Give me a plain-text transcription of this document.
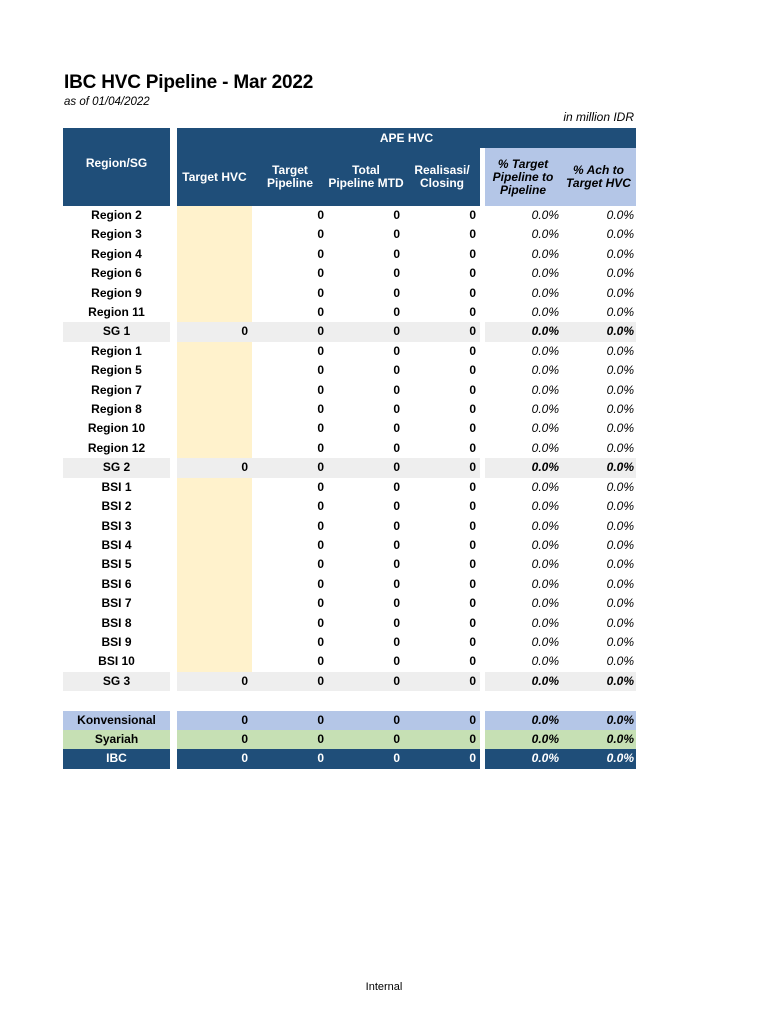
IBC HVC Pipeline - Mar 2022
as of 01/04/2022
in million IDR
Region/SG		APE HVC						
		Target HVC	Target Pipeline	Total Pipeline MTD	Realisasi/ Closing		% Target Pipeline to Pipeline	% Ach to Target HVC
Region 2			0	0	0		0.0%	0.0%
Region 3			0	0	0		0.0%	0.0%
Region 4			0	0	0		0.0%	0.0%
Region 6			0	0	0		0.0%	0.0%
Region 9			0	0	0		0.0%	0.0%
Region 11			0	0	0		0.0%	0.0%
SG 1		0	0	0	0		0.0%	0.0%
Region 1			0	0	0		0.0%	0.0%
Region 5			0	0	0		0.0%	0.0%
Region 7			0	0	0		0.0%	0.0%
Region 8			0	0	0		0.0%	0.0%
Region 10			0	0	0		0.0%	0.0%
Region 12			0	0	0		0.0%	0.0%
SG 2		0	0	0	0		0.0%	0.0%
BSI 1			0	0	0		0.0%	0.0%
BSI 2			0	0	0		0.0%	0.0%
BSI 3			0	0	0		0.0%	0.0%
BSI 4			0	0	0		0.0%	0.0%
BSI 5			0	0	0		0.0%	0.0%
BSI 6			0	0	0		0.0%	0.0%
BSI 7			0	0	0		0.0%	0.0%
BSI 8			0	0	0		0.0%	0.0%
BSI 9			0	0	0		0.0%	0.0%
BSI 10			0	0	0		0.0%	0.0%
SG 3		0	0	0	0		0.0%	0.0%

Konvensional		0	0	0	0		0.0%	0.0%
Syariah		0	0	0	0		0.0%	0.0%
IBC		0	0	0	0		0.0%	0.0%
Internal
